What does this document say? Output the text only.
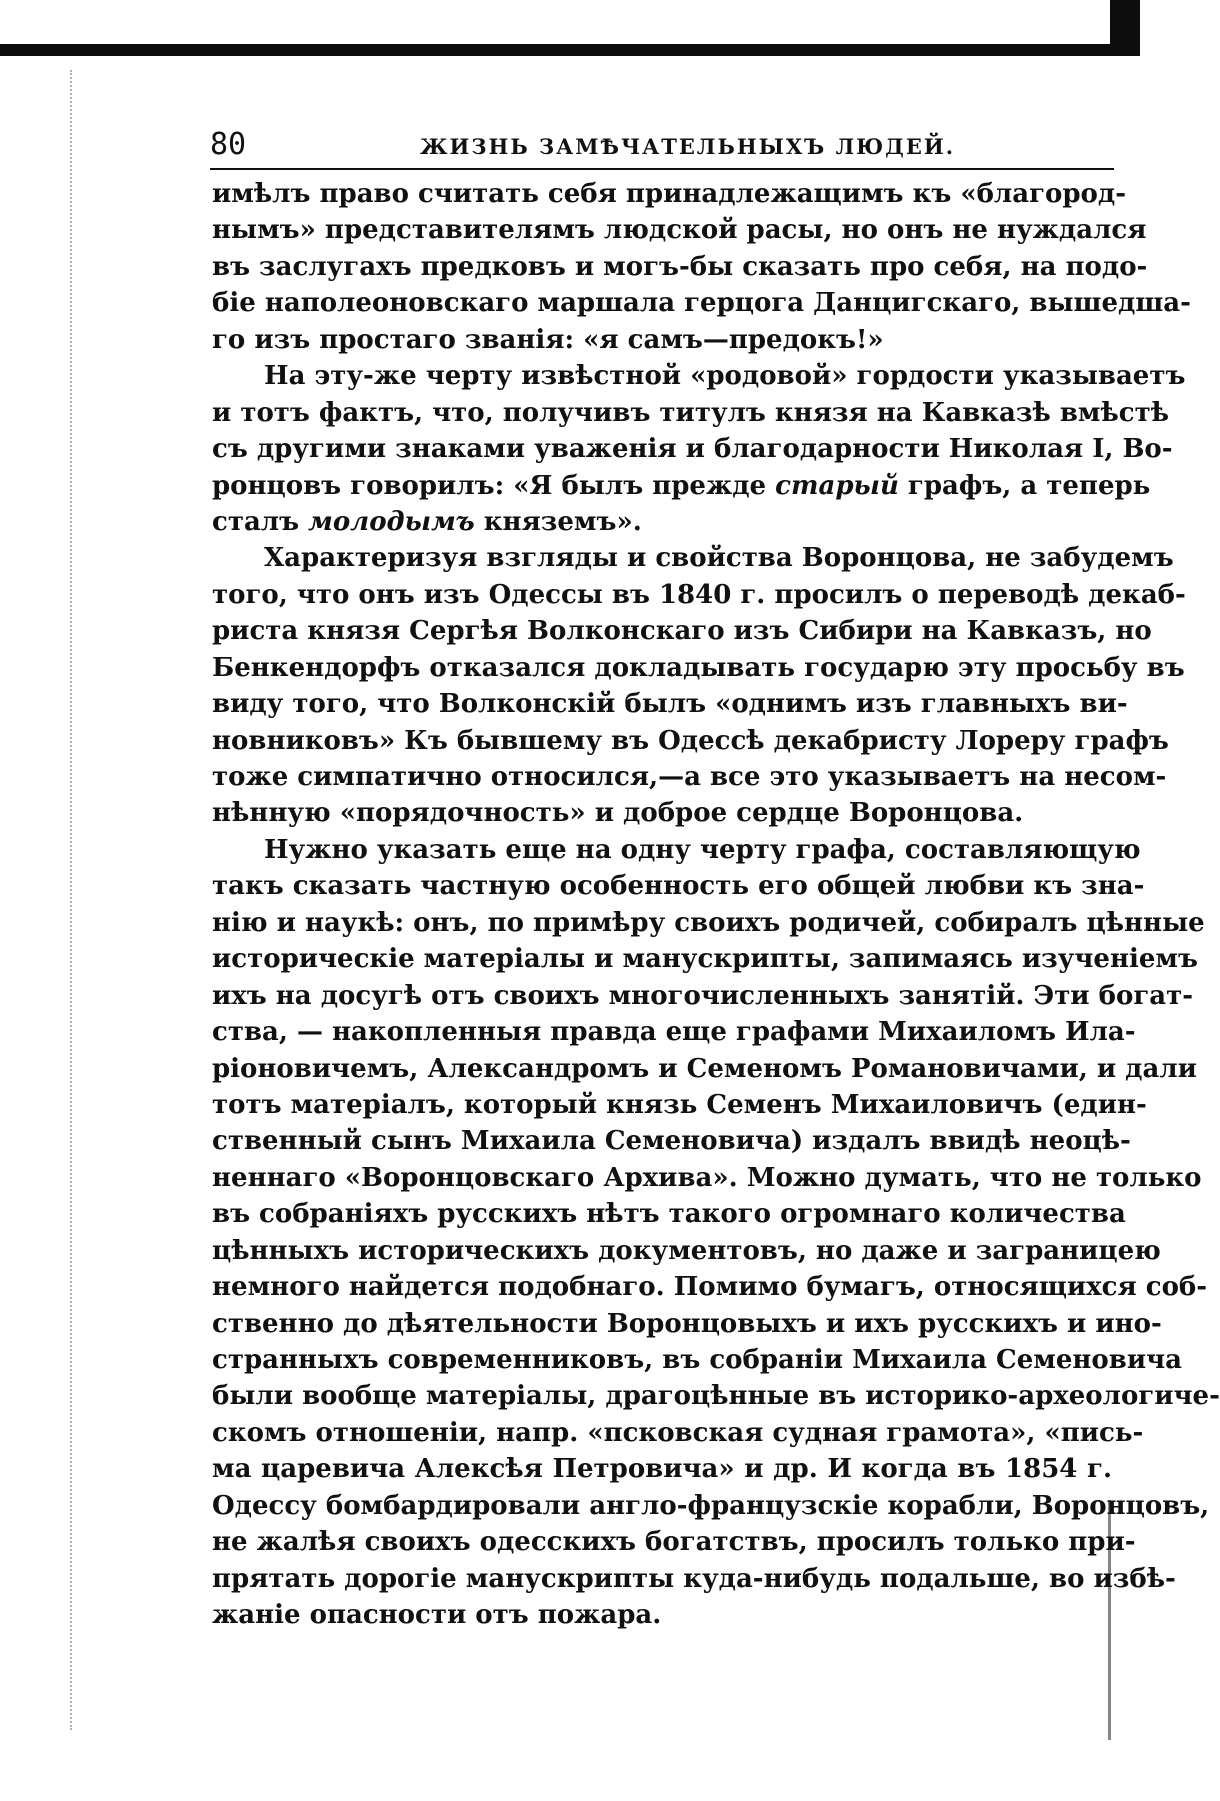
80	ЖИЗНЬ ЗАМѢЧАТЕЛЬНЫХЪ ЛЮДЕЙ.
имѣлъ право считать себя принадлежащимъ къ «благород-
нымъ» представителямъ людской расы, но онъ не нуждался
въ заслугахъ предковъ и могъ-бы сказать про себя, на подо-
біе наполеоновскаго маршала герцога Данцигскаго, вышедша-
го изъ простаго званія: «я самъ—предокъ!»
На эту-же черту извѣстной «родовой» гордости указываетъ
и тотъ фактъ, что, получивъ титулъ князя на Кавказѣ вмѣстѣ
съ другими знаками уваженія и благодарности Николая I, Во-
ронцовъ говорилъ: «Я былъ прежде старый графъ, а теперь
сталъ молодымъ княземъ».
Характеризуя взгляды и свойства Воронцова, не забудемъ
того, что онъ изъ Одессы въ 1840 г. просилъ о переводѣ декаб-
риста князя Сергѣя Волконскаго изъ Сибири на Кавказъ, но
Бенкендорфъ отказался докладывать государю эту просьбу въ
виду того, что Волконскій былъ «однимъ изъ главныхъ ви-
новниковъ» Къ бывшему въ Одессѣ декабристу Лореру графъ
тоже симпатично относился,—а все это указываетъ на несом-
нѣнную «порядочность» и доброе сердце Воронцова.
Нужно указать еще на одну черту графа, составляющую
такъ сказать частную особенность его общей любви къ зна-
нію и наукѣ: онъ, по примѣру своихъ родичей, собиралъ цѣнные
историческіе матеріалы и манускрипты, запимаясь изученіемъ
ихъ на досугѣ отъ своихъ многочисленныхъ занятій. Эти богат-
ства, — накопленныя правда еще графами Михаиломъ Ила-
ріоновичемъ, Александромъ и Семеномъ Романовичами, и дали
тотъ матеріалъ, который князь Семенъ Михаиловичъ (един-
ственный сынъ Михаила Семеновича) издалъ ввидѣ неоцѣ-
неннаго «Воронцовскаго Архива». Можно думать, что не только
въ собраніяхъ русскихъ нѣтъ такого огромнаго количества
цѣнныхъ историческихъ документовъ, но даже и заграницею
немного найдется подобнаго. Помимо бумагъ, относящихся соб-
ственно до дѣятельности Воронцовыхъ и ихъ русскихъ и ино-
странныхъ современниковъ, въ собраніи Михаила Семеновича
были вообще матеріалы, драгоцѣнные въ историко-археологиче-
скомъ отношеніи, напр. «псковская судная грамота», «пись-
ма царевича Алексѣя Петровича» и др. И когда въ 1854 г.
Одессу бомбардировали англо-французскіе корабли, Воронцовъ,
не жалѣя своихъ одесскихъ богатствъ, просилъ только при-
прятать дорогіе манускрипты куда-нибудь подальше, во избѣ-
жаніе опасности отъ пожара.
